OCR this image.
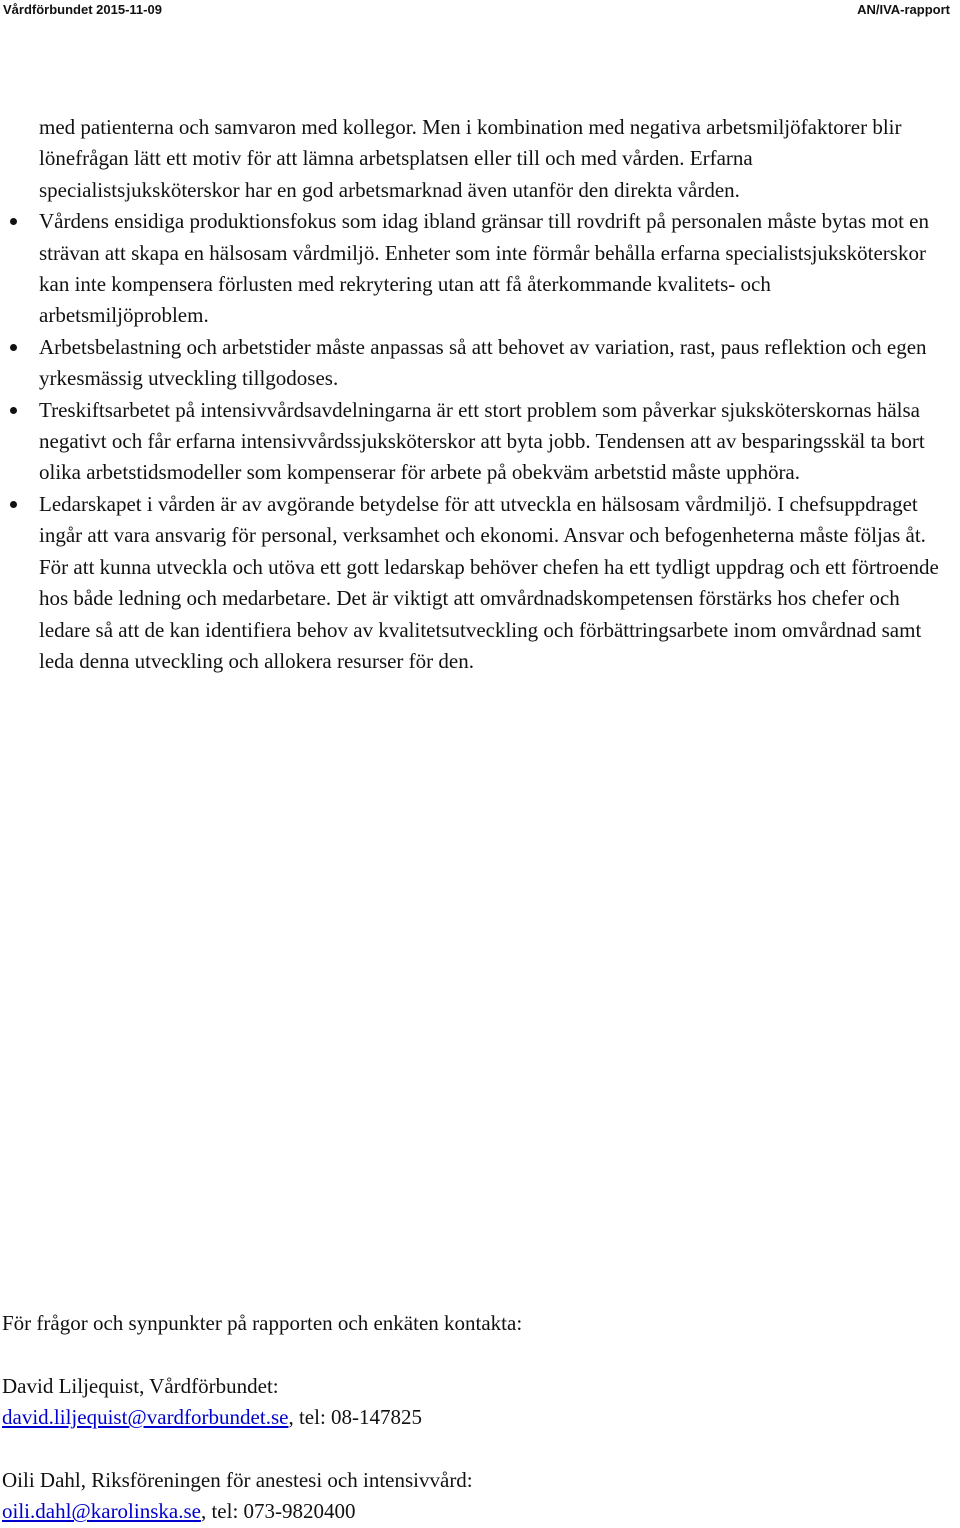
Vårdförbundet 2015-11-09	AN/IVA-rapport

med patienterna och samvaron med kollegor. Men i kombination med negativa arbetsmiljöfaktorer blir lönefrågan lätt ett motiv för att lämna arbetsplatsen eller till och med vården. Erfarna specialistsjuksköterskor har en god arbetsmarknad även utanför den direkta vården.

Vårdens ensidiga produktionsfokus som idag ibland gränsar till rovdrift på personalen måste bytas mot en strävan att skapa en hälsosam vårdmiljö. Enheter som inte förmår behålla erfarna specialistsjuksköterskor kan inte kompensera förlusten med rekrytering utan att få återkommande kvalitets- och arbetsmiljöproblem.

Arbetsbelastning och arbetstider måste anpassas så att behovet av variation, rast, paus reflektion och egen yrkesmässig utveckling tillgodoses.

Treskiftsarbetet på intensivvårdsavdelningarna är ett stort problem som påverkar sjuksköterskornas hälsa negativt och får erfarna intensivvårdssjuksköterskor att byta jobb. Tendensen att av besparingsskäl ta bort olika arbetstidsmodeller som kompenserar för arbete på obekväm arbetstid måste upphöra.

Ledarskapet i vården är av avgörande betydelse för att utveckla en hälsosam vårdmiljö. I chefsuppdraget ingår att vara ansvarig för personal, verksamhet och ekonomi. Ansvar och befogenheterna måste följas åt. För att kunna utveckla och utöva ett gott ledarskap behöver chefen ha ett tydligt uppdrag och ett förtroende hos både ledning och medarbetare. Det är viktigt att omvårdnadskompetensen förstärks hos chefer och ledare så att de kan identifiera behov av kvalitetsutveckling och förbättringsarbete inom omvårdnad samt leda denna utveckling och allokera resurser för den.

För frågor och synpunkter på rapporten och enkäten kontakta:

David Liljequist, Vårdförbundet:

david.liljequist@vardforbundet.se, tel: 08-147825

Oili Dahl, Riksföreningen för anestesi och intensivvård:

oili.dahl@karolinska.se, tel: 073-9820400
